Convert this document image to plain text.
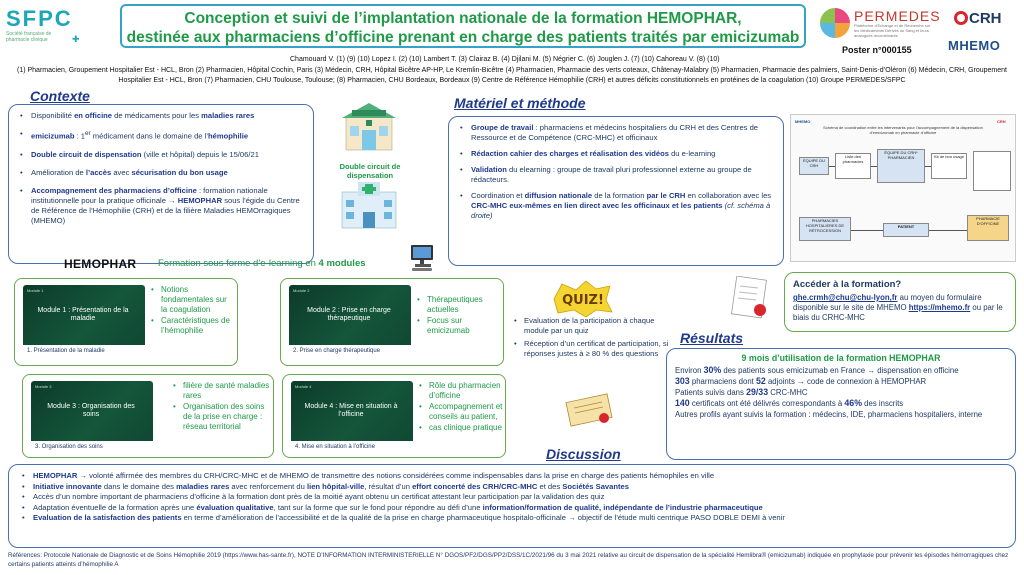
SFPC
Société française de pharmacie clinique	✚
Conception et suivi de l’implantation nationale de la formation HEMOPHAR,
destinée aux pharmaciens d’officine prenant en charge des patients traités par emicizumab
PERMEDES
Plateforme d'Echange et de Recherche sur les Médicaments Dérivés du Sang et leurs analogues recombinants
CRH
MHEMO
Poster n°000155
Chamouard V. (1) (9) (10) Lopez I. (2) (10) Lambert T. (3) Clairaz B. (4) Djilani M. (5) Négrier C. (6) Jouglen J. (7) (10) Cahoreau V. (8) (10)
(1) Pharmacien, Groupement Hospitalier Est - HCL, Bron (2) Pharmacien, Hôpital Cochin, Paris (3) Médecin, CRH, Hôpital Bicêtre AP-HP, Le Kremlin-Bicêtre (4) Pharmacien, Pharmacie des verts coteaux, Châtenay-Malabry (5) Pharmacien, Pharmacie des palmiers, Saint-Denis-d’Oléron (6) Médecin, CRH, Groupement Hospitalier Est - HCL, Bron (7) Pharmacien, CHU Toulouse, Toulouse; (8) Pharmacien, CHU Bordeaux, Bordeaux (9) Centre de Référence Hémophilie (CRH) et autres déficits constitutionnels en protéines de la coagulation (10) Groupe PERMEDES/SFPC
Contexte
• Disponibilité en officine de médicaments pour les maladies rares
• emicizumab : 1er médicament dans le domaine de l’hémophilie
• Double circuit de dispensation (ville et hôpital) depuis le 15/06/21
• Amélioration de l’accès avec sécurisation du bon usage
• Accompagnement des pharmaciens d’officine : formation nationale institutionnelle pour la pratique officinale → HEMOPHAR sous l’égide du Centre de Référence de l’Hémophilie (CRH) et de la filière Maladies HEMOrragiques (MHEMO)
Double circuit de dispensation
Matériel et méthode
• Groupe de travail : pharmaciens et médecins hospitaliers du CRH et des Centres de Ressource et de Compétence (CRC-MHC) et officinaux
• Rédaction cahier des charges et réalisation des vidéos du e-learning
• Validation du elearning : groupe de travail pluri professionnel externe au groupe de rédacteurs.
• Coordination et diffusion nationale de la formation par le CRH en collaboration avec les CRC-MHC eux-mêmes en lien direct avec les officinaux et les patients (cf. schéma à droite)
MHEMO	CRH
Schéma de coordination entre les intervenants pour l’accompagnement de la dispensation d’emicizumab en pharmacie d’officine
ÉQUIPE DU CRH
Liste des pharmacies
ÉQUIPE DU CRH* PHARMACIEN	Kit de bon usage
PHARMACIES HOSPITALIERES DE RÉTROCESSION
PATIENT
PHARMACIE D’OFFICINE
HEMOPHAR Formation sous forme d’e-learning en 4 modules
Module 1
Module 1 : Présentation de la maladie
1. Présentation de la maladie
• Notions fondamentales sur la coagulation
• Caractéristiques de l’hémophilie
Module 2
Module 2 : Prise en charge thérapeutique
2. Prise en charge thérapeutique
• Thérapeutiques actuelles
• Focus sur emicizumab
Module 3
Module 3 : Organisation des soins
3. Organisation des soins
• filière de santé maladies rares
• Organisation des soins de la prise en charge : réseau territorial
Module 4
Module 4 : Mise en situation à l’officine
4. Mise en situation à l’officine
• Rôle du pharmacien d’officine
• Accompagnement et conseils au patient,
• cas clinique pratique
QUIZ!
• Evaluation de la participation à chaque module par un quiz
• Réception d’un certificat de participation, si réponses justes à ≥ 80 % des questions
Accéder à la formation?
ghe.crmh@chu@chu-lyon,fr au moyen du formulaire disponible sur le site de MHEMO https://mhemo.fr ou par le biais du CRHC-MHC
Résultats
9 mois d’utilisation de la formation HEMOPHAR
Environ 30% des patients sous emicizumab en France → dispensation en officine
303 pharmaciens dont 52 adjoints → code de connexion à HEMOPHAR
Patients suivis dans 29/33 CRC-MHC
140 certificats ont été délivrés correspondants à 46% des inscrits
Autres profils ayant suivis la formation : médecins, IDE, pharmaciens hospitaliers, interne
Discussion
• HEMOPHAR → volonté affirmée des membres du CRH/CRC-MHC et de MHEMO de transmettre des notions considérées comme indispensables dans la prise en charge des patients hémophiles en ville
• Initiative innovante dans le domaine des maladies rares avec renforcement du lien hôpital-ville, résultat d’un effort concerté des CRH/CRC-MHC et des Sociétés Savantes
• Accès d’un nombre important de pharmaciens d’officine à la formation dont près de la moitié ayant obtenu un certificat attestant leur participation par la validation des quiz
• Adaptation éventuelle de la formation après une évaluation qualitative, tant sur la forme que sur le fond pour répondre au défi d’une information/formation de qualité, indépendante de l’industrie pharmaceutique
• Evaluation de la satisfaction des patients en terme d’amélioration de l’accessibilité et de la qualité de la prise en charge pharmaceutique hospitalo-officinale → objectif de l’étude multi centrique PASO DOBLE DEMI à venir
Références: Protocole Nationale de Diagnostic et de Soins Hémophilie 2019 (https://www.has-sante.fr), NOTE D’INFORMATION INTERMINISTERIELLE N° DGOS/PF2/DGS/PP2/DSS/1C/2021/96 du 3 mai 2021 relative au circuit de dispensation de la spécialité Hemlibra® (emicizumab) indiquée en prophylaxie pour prévenir les épisodes hémorragiques chez certains patients atteints d’hémophilie A
